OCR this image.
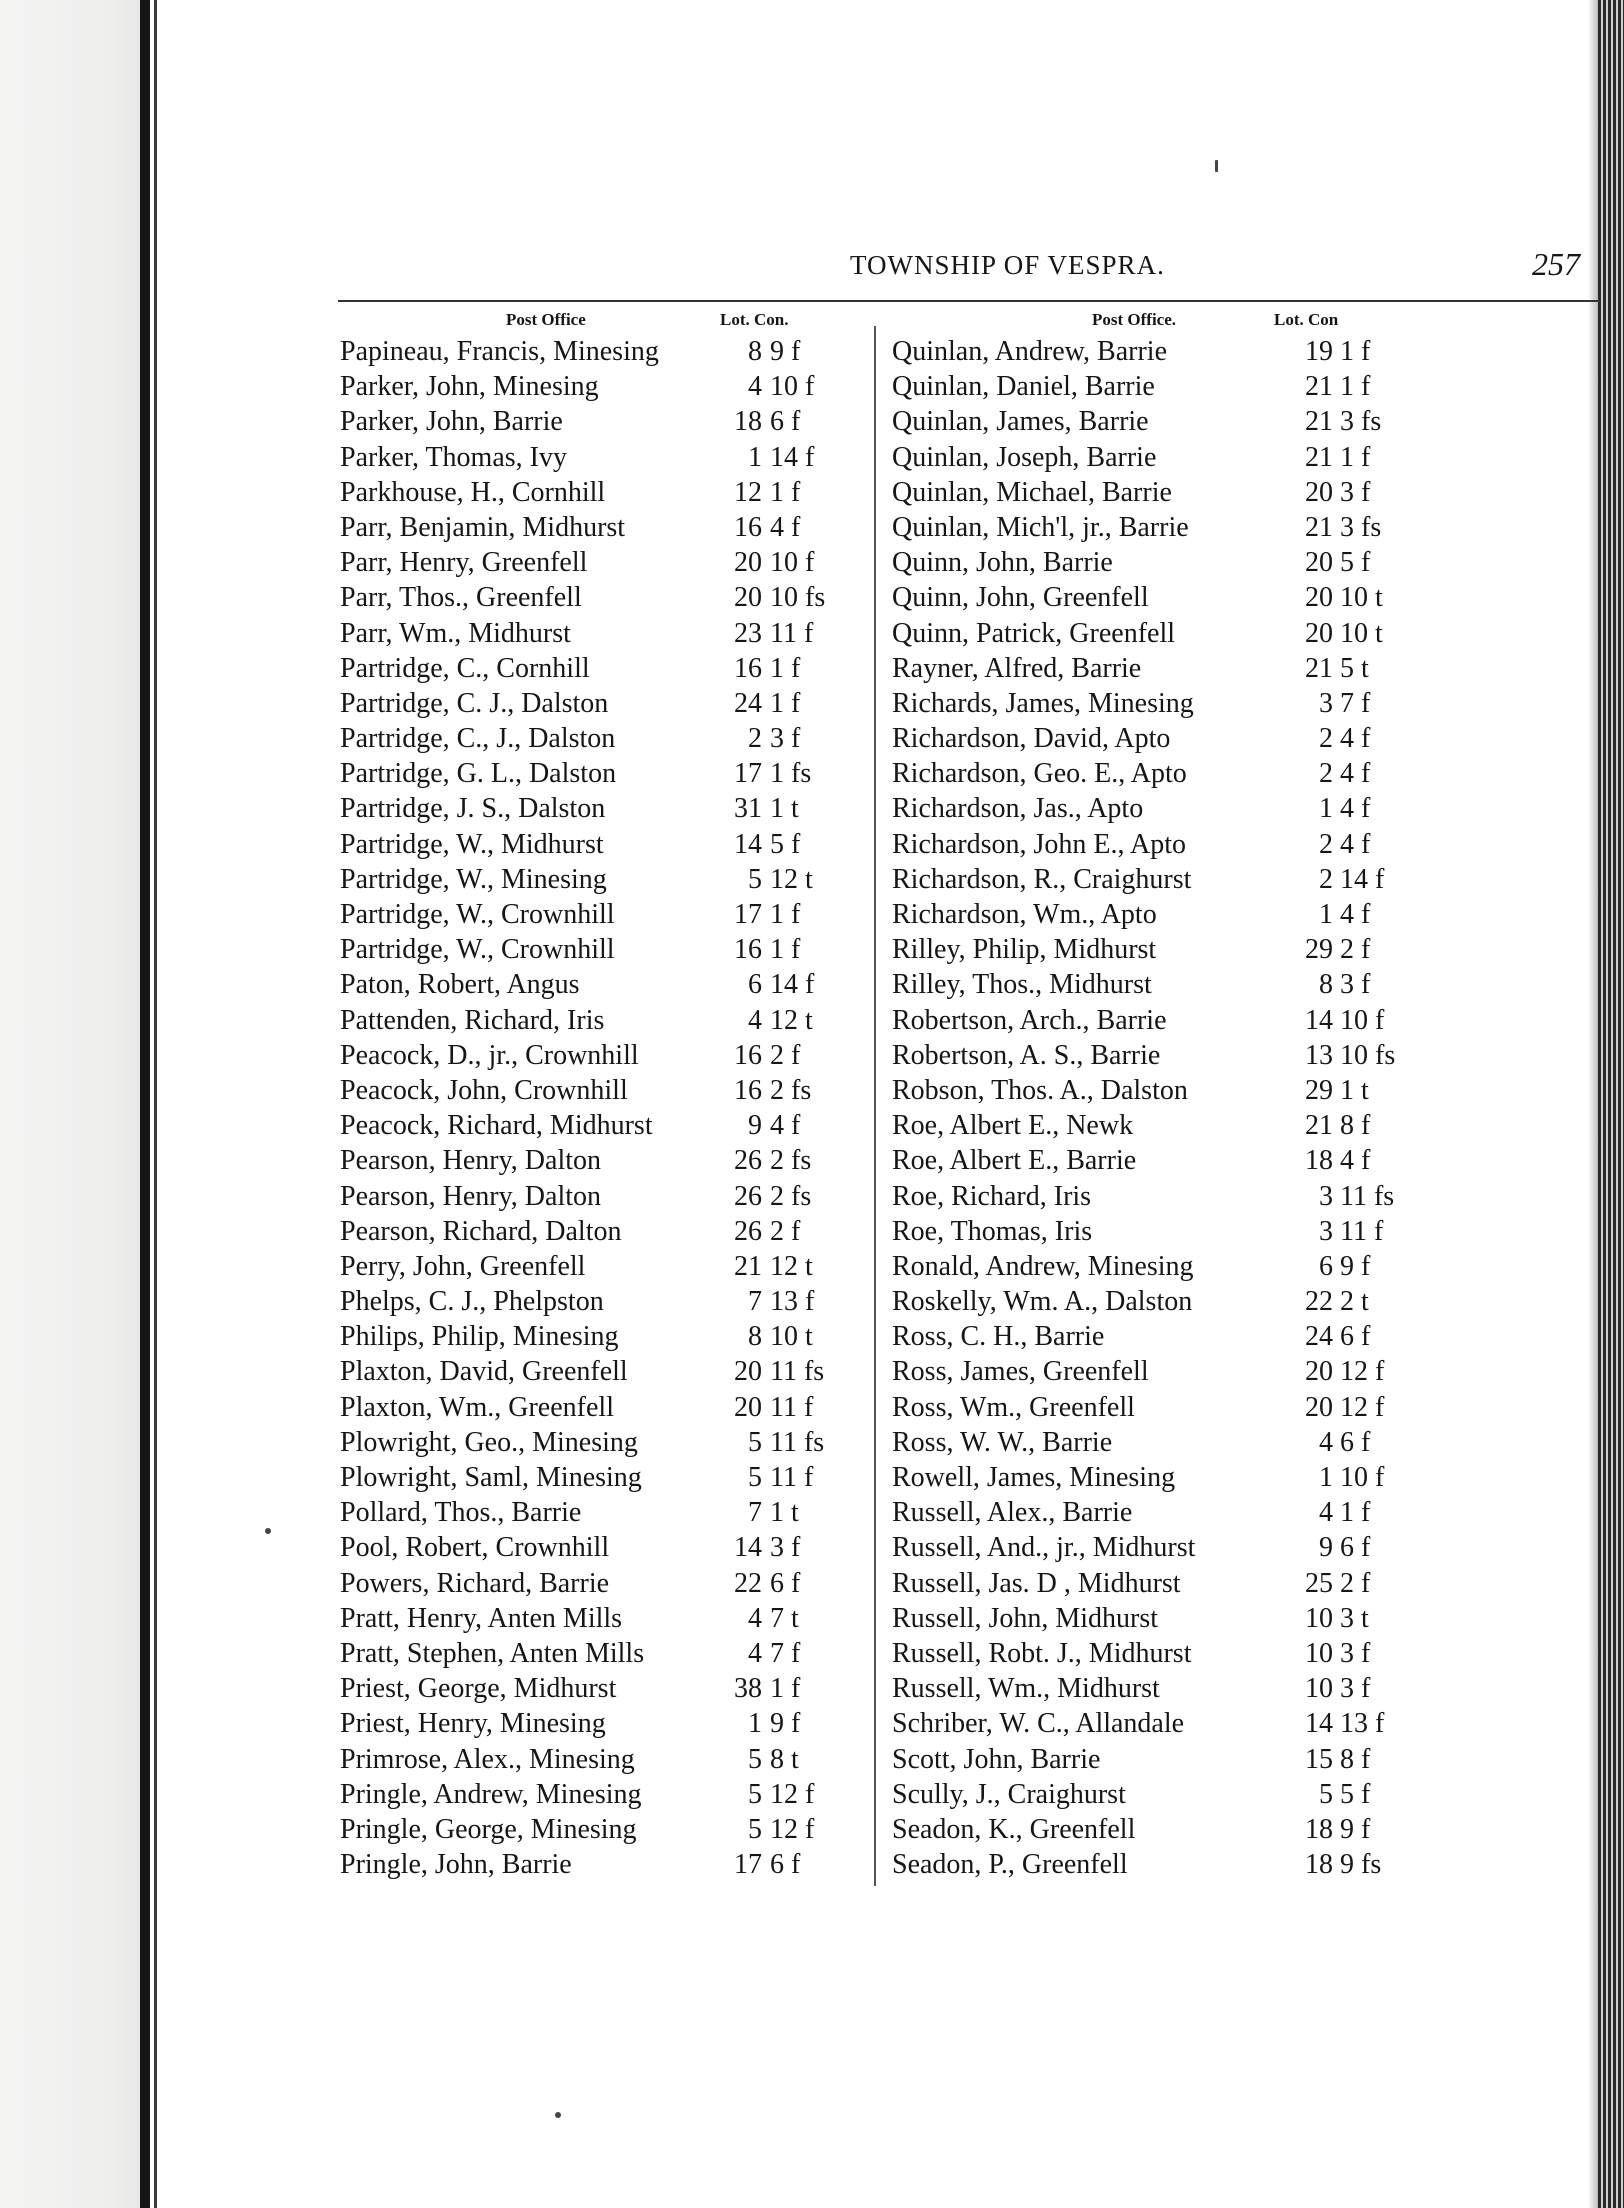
TOWNSHIP OF VESPRA.	257
Post Office	Lot. Con.
Papineau, Francis, Minesing	8 9 f
Parker, John, Minesing	4 10 f
Parker, John, Barrie	18 6 f
Parker, Thomas, Ivy	1 14 f
Parkhouse, H., Cornhill	12 1 f
Parr, Benjamin, Midhurst	16 4 f
Parr, Henry, Greenfell	20 10 f
Parr, Thos., Greenfell	20 10 fs
Parr, Wm., Midhurst	23 11 f
Partridge, C., Cornhill	16 1 f
Partridge, C. J., Dalston	24 1 f
Partridge, C., J., Dalston	2 3 f
Partridge, G. L., Dalston	17 1 fs
Partridge, J. S., Dalston	31 1 t
Partridge, W., Midhurst	14 5 f
Partridge, W., Minesing	5 12 t
Partridge, W., Crownhill	17 1 f
Partridge, W., Crownhill	16 1 f
Paton, Robert, Angus	6 14 f
Pattenden, Richard, Iris	4 12 t
Peacock, D., jr., Crownhill	16 2 f
Peacock, John, Crownhill	16 2 fs
Peacock, Richard, Midhurst	9 4 f
Pearson, Henry, Dalton	26 2 fs
Pearson, Henry, Dalton	26 2 fs
Pearson, Richard, Dalton	26 2 f
Perry, John, Greenfell	21 12 t
Phelps, C. J., Phelpston	7 13 f
Philips, Philip, Minesing	8 10 t
Plaxton, David, Greenfell	20 11 fs
Plaxton, Wm., Greenfell	20 11 f
Plowright, Geo., Minesing	5 11 fs
Plowright, Saml, Minesing	5 11 f
Pollard, Thos., Barrie	7 1 t
Pool, Robert, Crownhill	14 3 f
Powers, Richard, Barrie	22 6 f
Pratt, Henry, Anten Mills	4 7 t
Pratt, Stephen, Anten Mills	4 7 f
Priest, George, Midhurst	38 1 f
Priest, Henry, Minesing	1 9 f
Primrose, Alex., Minesing	5 8 t
Pringle, Andrew, Minesing	5 12 f
Pringle, George, Minesing	5 12 f
Pringle, John, Barrie	17 6 f
Post Office.	Lot. Con
Quinlan, Andrew, Barrie	19 1 f
Quinlan, Daniel, Barrie	21 1 f
Quinlan, James, Barrie	21 3 fs
Quinlan, Joseph, Barrie	21 1 f
Quinlan, Michael, Barrie	20 3 f
Quinlan, Mich'l, jr., Barrie	21 3 fs
Quinn, John, Barrie	20 5 f
Quinn, John, Greenfell	20 10 t
Quinn, Patrick, Greenfell	20 10 t
Rayner, Alfred, Barrie	21 5 t
Richards, James, Minesing	3 7 f
Richardson, David, Apto	2 4 f
Richardson, Geo. E., Apto	2 4 f
Richardson, Jas., Apto	1 4 f
Richardson, John E., Apto	2 4 f
Richardson, R., Craighurst	2 14 f
Richardson, Wm., Apto	1 4 f
Rilley, Philip, Midhurst	29 2 f
Rilley, Thos., Midhurst	8 3 f
Robertson, Arch., Barrie	14 10 f
Robertson, A. S., Barrie	13 10 fs
Robson, Thos. A., Dalston	29 1 t
Roe, Albert E., Newk	21 8 f
Roe, Albert E., Barrie	18 4 f
Roe, Richard, Iris	3 11 fs
Roe, Thomas, Iris	3 11 f
Ronald, Andrew, Minesing	6 9 f
Roskelly, Wm. A., Dalston	22 2 t
Ross, C. H., Barrie	24 6 f
Ross, James, Greenfell	20 12 f
Ross, Wm., Greenfell	20 12 f
Ross, W. W., Barrie	4 6 f
Rowell, James, Minesing	1 10 f
Russell, Alex., Barrie	4 1 f
Russell, And., jr., Midhurst	9 6 f
Russell, Jas. D , Midhurst	25 2 f
Russell, John, Midhurst	10 3 t
Russell, Robt. J., Midhurst	10 3 f
Russell, Wm., Midhurst	10 3 f
Schriber, W. C., Allandale	14 13 f
Scott, John, Barrie	15 8 f
Scully, J., Craighurst	5 5 f
Seadon, K., Greenfell	18 9 f
Seadon, P., Greenfell	18 9 fs
